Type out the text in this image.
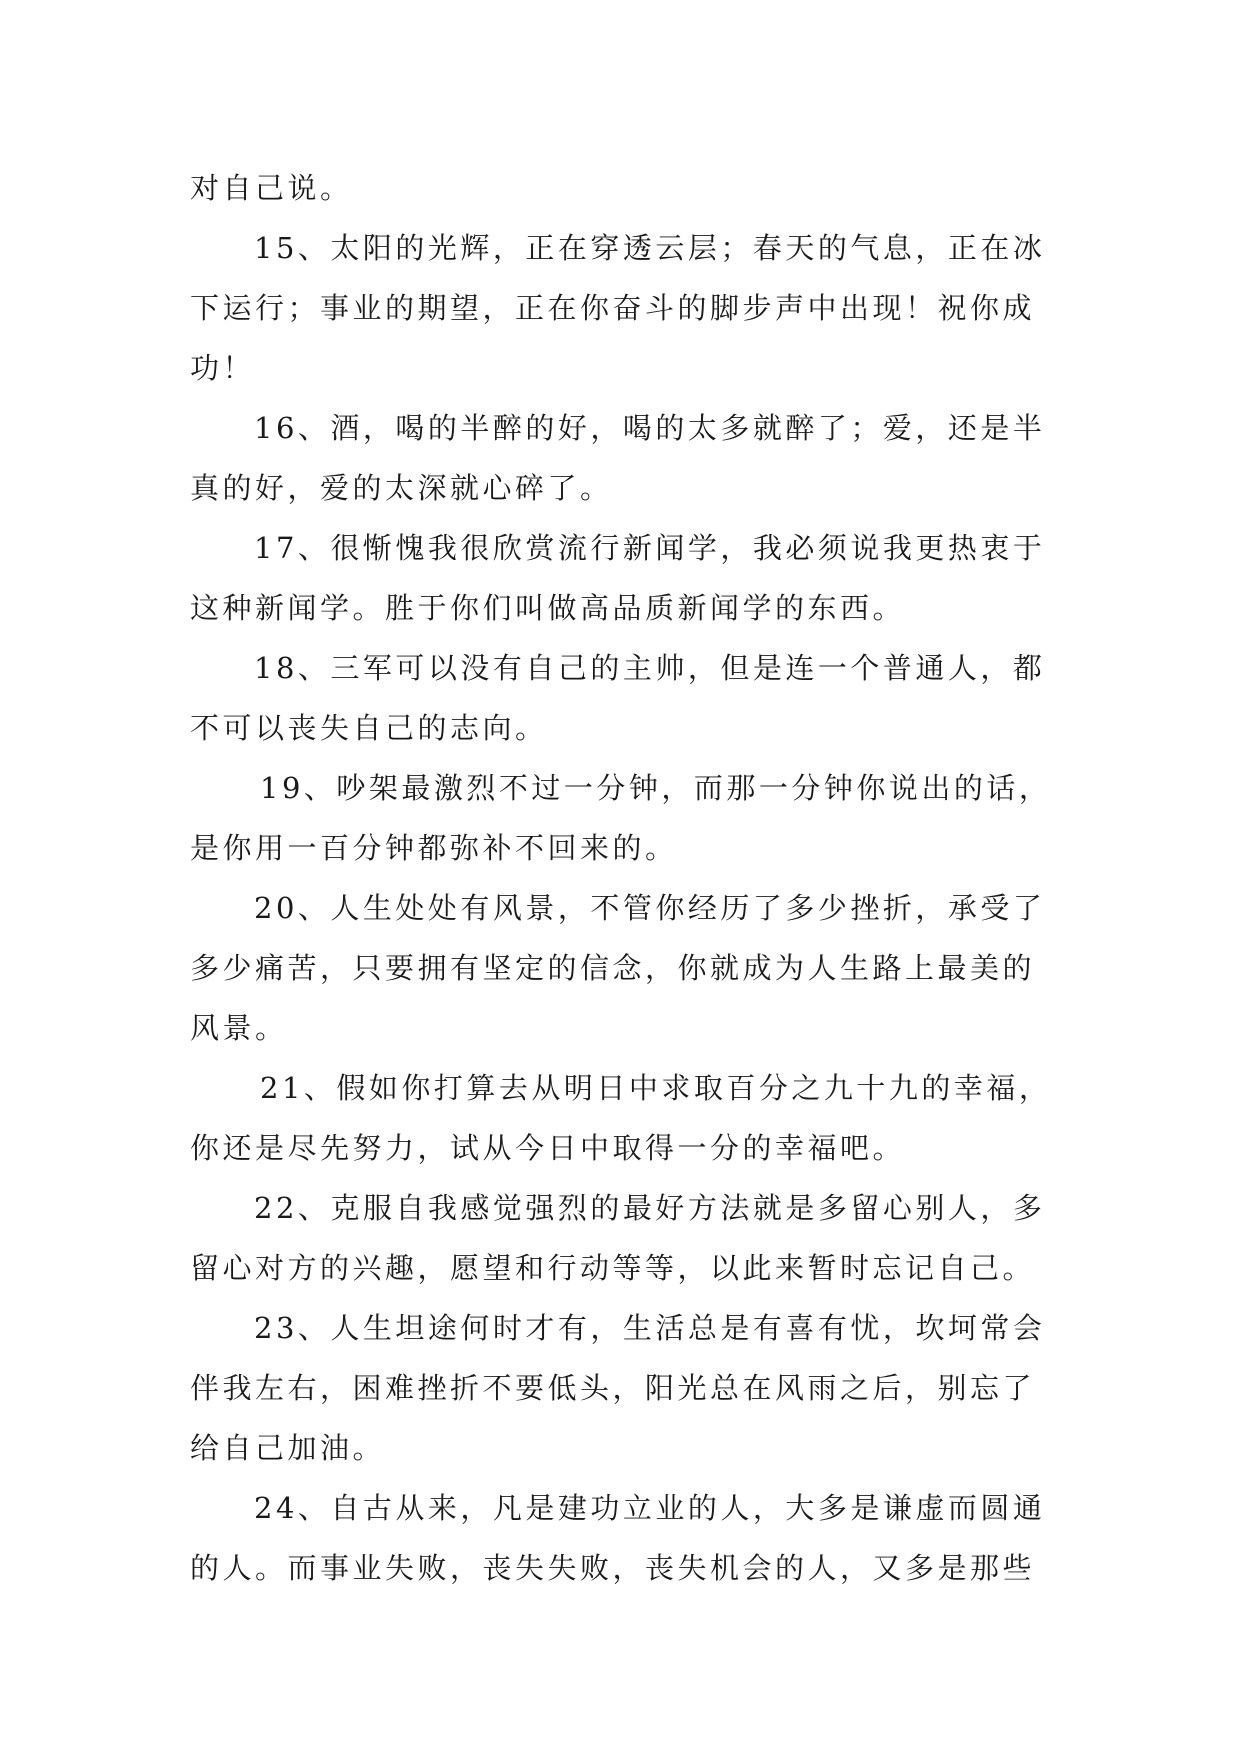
对自己说。

15、太阳的光辉，正在穿透云层；春天的气息，正在冰下运行；事业的期望，正在你奋斗的脚步声中出现！祝你成功！

16、酒，喝的半醉的好，喝的太多就醉了；爱，还是半真的好，爱的太深就心碎了。

17、很惭愧我很欣赏流行新闻学，我必须说我更热衷于这种新闻学。胜于你们叫做高品质新闻学的东西。

18、三军可以没有自己的主帅，但是连一个普通人，都不可以丧失自己的志向。

19、吵架最激烈不过一分钟，而那一分钟你说出的话，是你用一百分钟都弥补不回来的。

20、人生处处有风景，不管你经历了多少挫折，承受了多少痛苦，只要拥有坚定的信念，你就成为人生路上最美的风景。

21、假如你打算去从明日中求取百分之九十九的幸福，你还是尽先努力，试从今日中取得一分的幸福吧。

22、克服自我感觉强烈的最好方法就是多留心别人，多留心对方的兴趣，愿望和行动等等，以此来暂时忘记自己。

23、人生坦途何时才有，生活总是有喜有忧，坎坷常会伴我左右，困难挫折不要低头，阳光总在风雨之后，别忘了给自己加油。

24、自古从来，凡是建功立业的人，大多是谦虚而圆通的人。而事业失败，丧失失败，丧失机会的人，又多是那些
